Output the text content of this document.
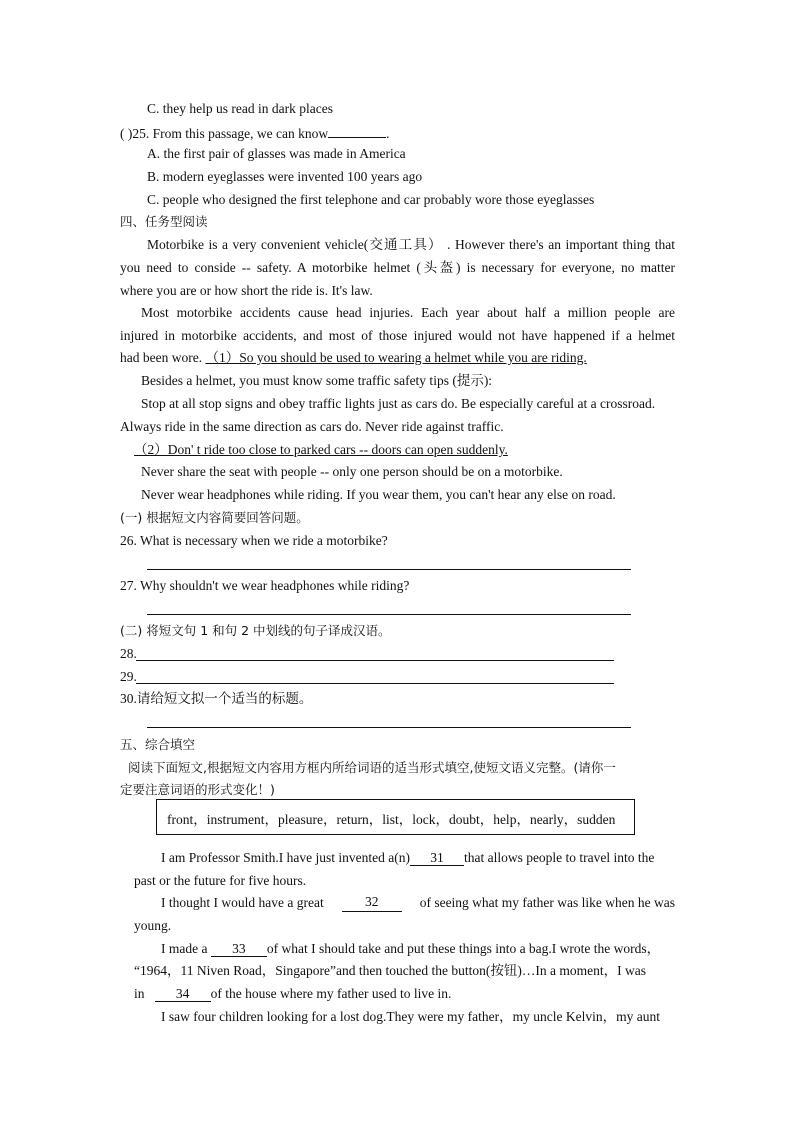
C. they help us read in dark places
( )25. From this passage, we can know	.
A. the first pair of glasses was made in America
B. modern eyeglasses were invented 100 years ago
C. people who designed the first telephone and car probably wore those eyeglasses
四、任务型阅读
Motorbike is a very convenient vehicle(交通工具） . However there's an important thing that
you need to conside -- safety. A motorbike helmet (头盔) is necessary for everyone, no matter
where you are or how short the ride is. It's law.
Most motorbike accidents cause head injuries. Each year about half a million people are
injured in motorbike accidents, and most of those injured would not have happened if a helmet
had been wore. （1）So you should be used to wearing a helmet while you are riding.
Besides a helmet, you must know some traffic safety tips (提示):
Stop at all stop signs and obey traffic lights just as cars do. Be especially careful at a crossroad.
Always ride in the same direction as cars do. Never ride against traffic.
（2）Don' t ride too close to parked cars -- doors can open suddenly.
Never share the seat with people -- only one person should be on a motorbike.
Never wear headphones while riding. If you wear them, you can't hear any else on road.
(一) 根据短文内容简要回答问题。
26. What is necessary when we ride a motorbike?
27. Why shouldn't we wear headphones while riding?
(二) 将短文句 1 和句 2 中划线的句子译成汉语。
28.
29.
30.请给短文拟一个适当的标题。
五、综合填空
阅读下面短文,根据短文内容用方框内所给词语的适当形式填空,使短文语义完整。(请你一
定要注意词语的形式变化！)
front，instrument，pleasure，return，list，lock，doubt，help，nearly，sudden
I am Professor Smith.I have just invented a(n) 31 that allows people to travel into the
past or the future for five hours.
I thought I would have a great	32	of seeing what my father was like when he was
young.
I made a 33 of what I should take and put these things into a bag.I wrote the words，
“1964，11 Niven Road，Singapore”and then touched the button(按钮)…In a moment，I was
in 34 of the house where my father used to live in.
I saw four children looking for a lost dog.They were my father，my uncle Kelvin，my aunt
